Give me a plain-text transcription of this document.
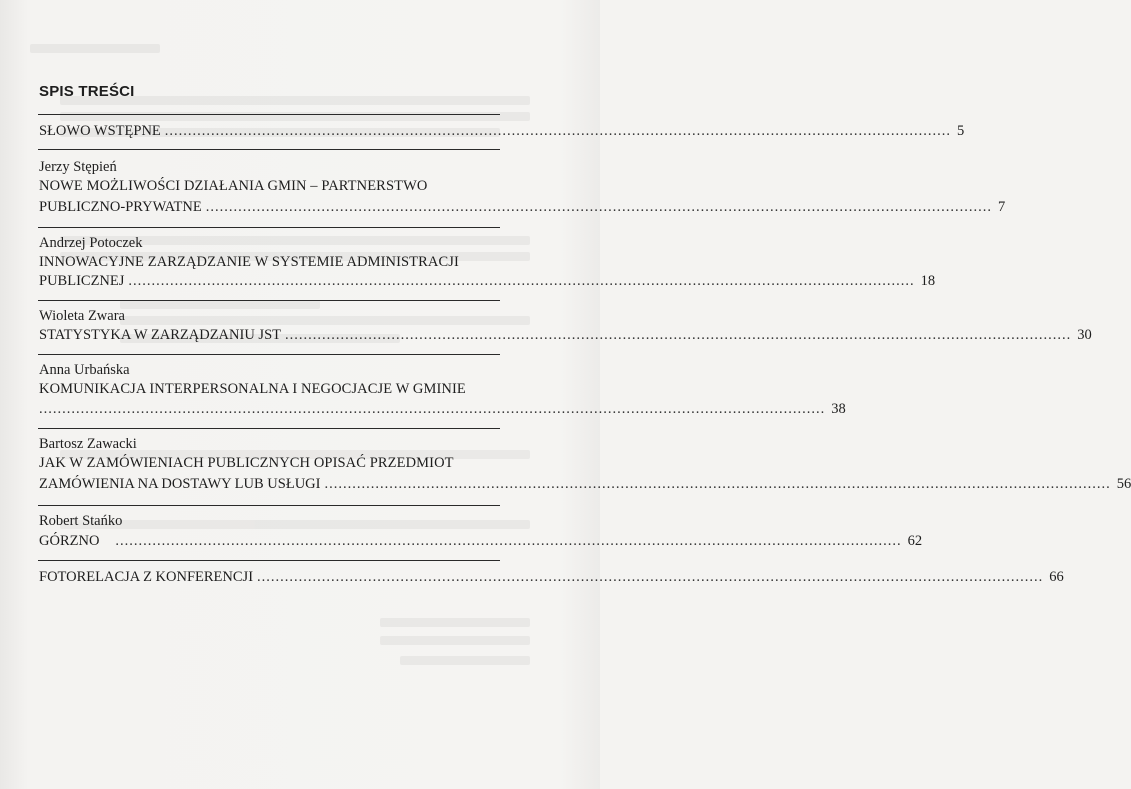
SPIS TREŚCI
SŁOWO WSTĘPNE .......................................................................................................................................................................... 5
Jerzy Stępień
NOWE MOŻLIWOŚCI DZIAŁANIA GMIN – PARTNERSTWO
PUBLICZNO-PRYWATNE .......................................................................................................................................................................... 7
Andrzej Potoczek
INNOWACYJNE ZARZĄDZANIE W SYSTEMIE ADMINISTRACJI
PUBLICZNEJ .......................................................................................................................................................................... 18
Wioleta Zwara
STATYSTYKA W ZARZĄDZANIU JST .......................................................................................................................................................................... 30
Anna Urbańska
KOMUNIKACJA INTERPERSONALNA I NEGOCJACJE W GMINIE
.......................................................................................................................................................................... 38
Bartosz Zawacki
JAK W ZAMÓWIENIACH PUBLICZNYCH OPISAĆ PRZEDMIOT
ZAMÓWIENIA NA DOSTAWY LUB USŁUGI .......................................................................................................................................................................... 56
Robert Stańko
GÓRZNO .......................................................................................................................................................................... 62
FOTORELACJA Z KONFERENCJI .......................................................................................................................................................................... 66
